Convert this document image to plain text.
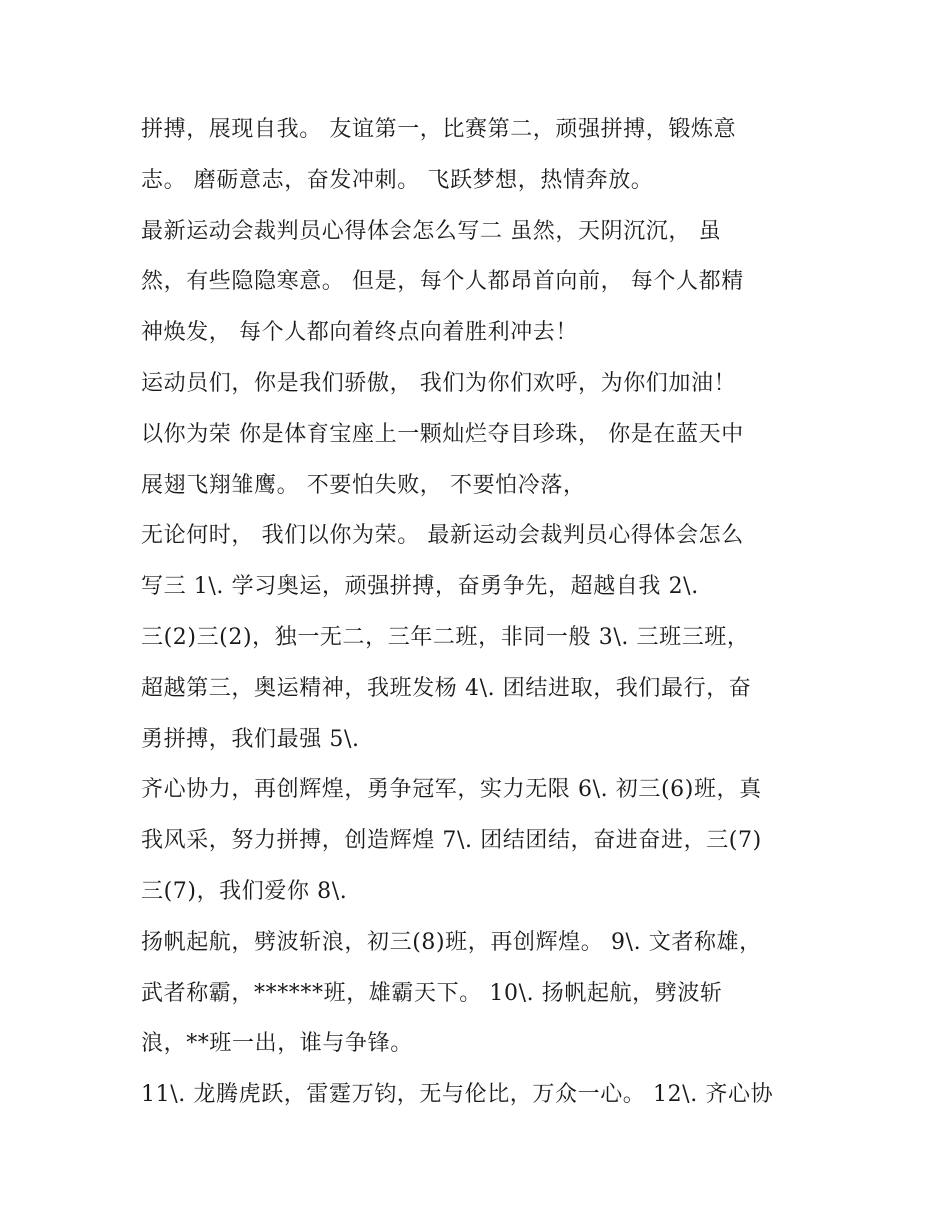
拼搏，展现自我。 友谊第一，比赛第二，顽强拼搏，锻炼意
志。 磨砺意志，奋发冲刺。 飞跃梦想，热情奔放。
最新运动会裁判员心得体会怎么写二 虽然，天阴沉沉， 虽
然，有些隐隐寒意。 但是，每个人都昂首向前， 每个人都精
神焕发， 每个人都向着终点向着胜利冲去！
运动员们，你是我们骄傲， 我们为你们欢呼，为你们加油！
以你为荣 你是体育宝座上一颗灿烂夺目珍珠， 你是在蓝天中
展翅飞翔雏鹰。 不要怕失败， 不要怕冷落，
无论何时， 我们以你为荣。 最新运动会裁判员心得体会怎么
写三 1\. 学习奥运，顽强拼搏，奋勇争先，超越自我 2\.
三(2)三(2)，独一无二，三年二班，非同一般 3\. 三班三班，
超越第三，奥运精神，我班发杨 4\. 团结进取，我们最行，奋
勇拼搏，我们最强 5\.
齐心协力，再创辉煌，勇争冠军，实力无限 6\. 初三(6)班，真
我风采，努力拼搏，创造辉煌 7\. 团结团结，奋进奋进，三(7)
三(7)，我们爱你 8\.
扬帆起航，劈波斩浪，初三(8)班，再创辉煌。 9\. 文者称雄，
武者称霸，******班，雄霸天下。 10\. 扬帆起航，劈波斩
浪，**班一出，谁与争锋。
11\. 龙腾虎跃，雷霆万钧，无与伦比，万众一心。 12\. 齐心协
